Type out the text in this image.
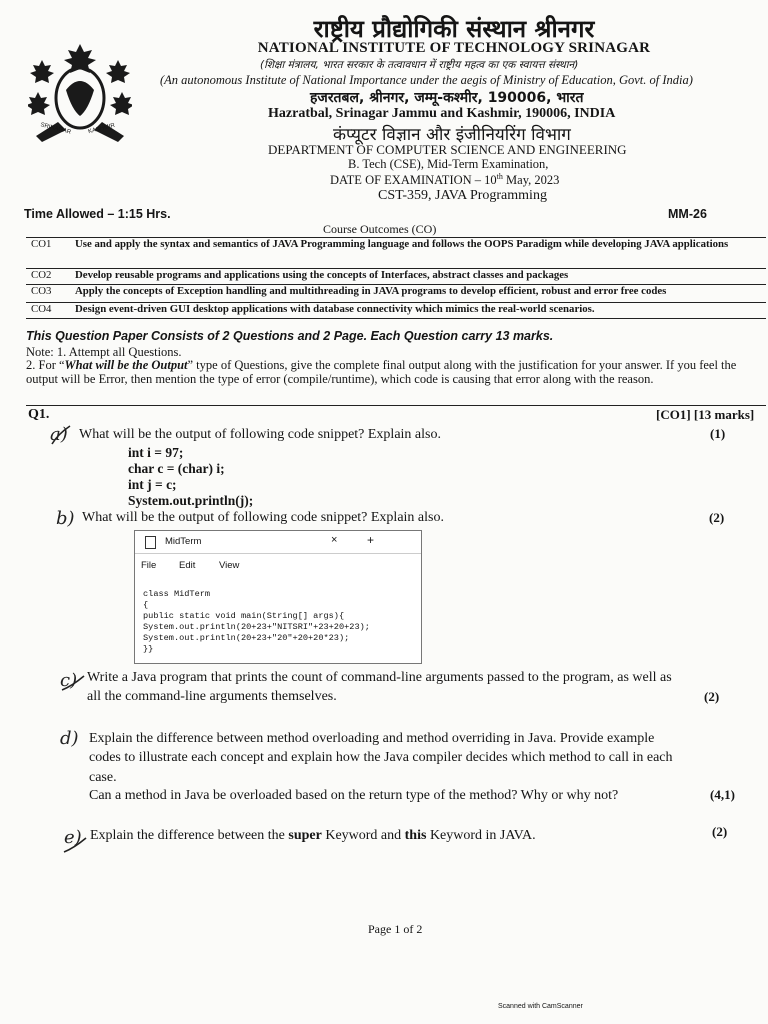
SRINAGAR	KASHMIR
राष्ट्रीय प्रौद्योगिकी संस्थान श्रीनगर
NATIONAL INSTITUTE OF TECHNOLOGY SRINAGAR
(शिक्षा मंत्रालय, भारत सरकार के तत्वावधान में राष्ट्रीय महत्व का एक स्वायत्त संस्थान)
(An autonomous Institute of National Importance under the aegis of Ministry of Education, Govt. of India)
हजरतबल, श्रीनगर, जम्मू-कश्मीर, 190006, भारत
Hazratbal, Srinagar Jammu and Kashmir, 190006, INDIA
कंप्यूटर विज्ञान और इंजीनियरिंग विभाग
DEPARTMENT OF COMPUTER SCIENCE AND ENGINEERING
B. Tech (CSE), Mid-Term Examination,
DATE OF EXAMINATION – 10th May, 2023
CST-359, JAVA Programming
Time Allowed – 1:15 Hrs.	MM-26
Course Outcomes (CO)
CO1	Use and apply the syntax and semantics of JAVA Programming language and follows the OOPS Paradigm while developing JAVA applications
CO2	Develop reusable programs and applications using the concepts of Interfaces, abstract classes and packages
CO3	Apply the concepts of Exception handling and multithreading in JAVA programs to develop efficient, robust and error free codes
CO4	Design event-driven GUI desktop applications with database connectivity which mimics the real-world scenarios.
This Question Paper Consists of 2 Questions and 2 Page. Each Question carry 13 marks.
Note: 1. Attempt all Questions.
2. For “What will be the Output” type of Questions, give the complete final output along with the justification for your answer. If you feel the output will be Error, then mention the type of error (compile/runtime), which code is causing that error along with the reason.
Q1.	[CO1] [13 marks]
a) What will be the output of following code snippet? Explain also.	(1)
int i = 97;
char c = (char) i;
int j = c;
System.out.println(j);
b) What will be the output of following code snippet? Explain also.	(2)
MidTerm	× +
File Edit View
class MidTerm
{
public static void main(String[] args){
System.out.println(20+23+"NITSRI"+23+20+23);
System.out.println(20+23+"20"+20+20*23);
}}
c) Write a Java program that prints the count of command-line arguments passed to the program, as well as
all the command-line arguments themselves.	(2)
d) Explain the difference between method overloading and method overriding in Java. Provide example
codes to illustrate each concept and explain how the Java compiler decides which method to call in each
case.
Can a method in Java be overloaded based on the return type of the method? Why or why not?	(4,1)
e) Explain the difference between the super Keyword and this Keyword in JAVA.	(2)
Page 1 of 2
Scanned with CamScanner
